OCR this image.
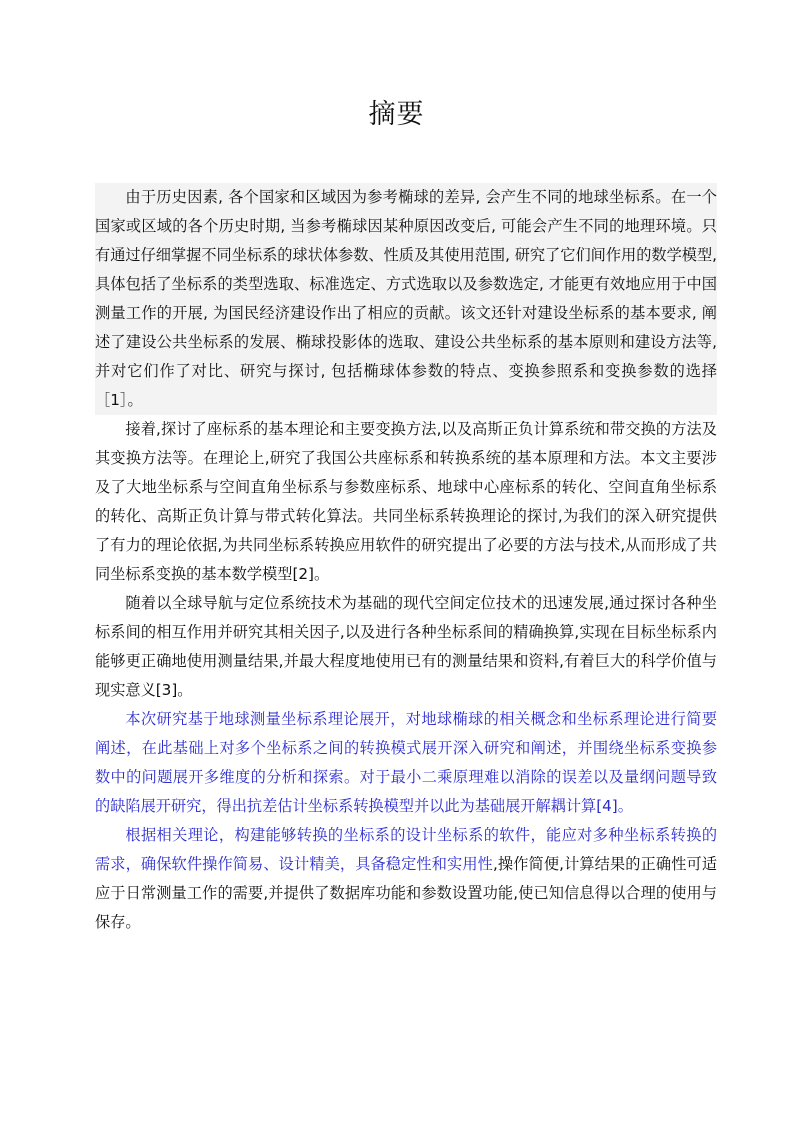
摘要

由于历史因素, 各个国家和区域因为参考椭球的差异, 会产生不同的地球坐标系。在一个国家或区域的各个历史时期, 当参考椭球因某种原因改变后, 可能会产生不同的地理环境。只有通过仔细掌握不同坐标系的球状体参数、性质及其使用范围, 研究了它们间作用的数学模型, 具体包括了坐标系的类型选取、标准选定、方式选取以及参数选定, 才能更有效地应用于中国测量工作的开展, 为国民经济建设作出了相应的贡献。该文还针对建设坐标系的基本要求, 阐述了建设公共坐标系的发展、椭球投影体的选取、建设公共坐标系的基本原则和建设方法等, 并对它们作了对比、研究与探讨, 包括椭球体参数的特点、变换参照系和变换参数的选择［1］。

接着,探讨了座标系的基本理论和主要变换方法,以及高斯正负计算系统和带交换的方法及其变换方法等。在理论上,研究了我国公共座标系和转换系统的基本原理和方法。本文主要涉及了大地坐标系与空间直角坐标系与参数座标系、地球中心座标系的转化、空间直角坐标系的转化、高斯正负计算与带式转化算法。共同坐标系转换理论的探讨,为我们的深入研究提供了有力的理论依据,为共同坐标系转换应用软件的研究提出了必要的方法与技术,从而形成了共同坐标系变换的基本数学模型[2]。

随着以全球导航与定位系统技术为基础的现代空间定位技术的迅速发展,通过探讨各种坐标系间的相互作用并研究其相关因子,以及进行各种坐标系间的精确换算,实现在目标坐标系内能够更正确地使用测量结果,并最大程度地使用已有的测量结果和资料,有着巨大的科学价值与现实意义[3]。

本次研究基于地球测量坐标系理论展开，对地球椭球的相关概念和坐标系理论进行简要阐述，在此基础上对多个坐标系之间的转换模式展开深入研究和阐述，并围绕坐标系变换参数中的问题展开多维度的分析和探索。对于最小二乘原理难以消除的误差以及量纲问题导致的缺陷展开研究，得出抗差估计坐标系转换模型并以此为基础展开解耦计算[4]。

根据相关理论，构建能够转换的坐标系的设计坐标系的软件，能应对多种坐标系转换的需求，确保软件操作简易、设计精美，具备稳定性和实用性,操作简便,计算结果的正确性可适应于日常测量工作的需要,并提供了数据库功能和参数设置功能,使已知信息得以合理的使用与保存。
